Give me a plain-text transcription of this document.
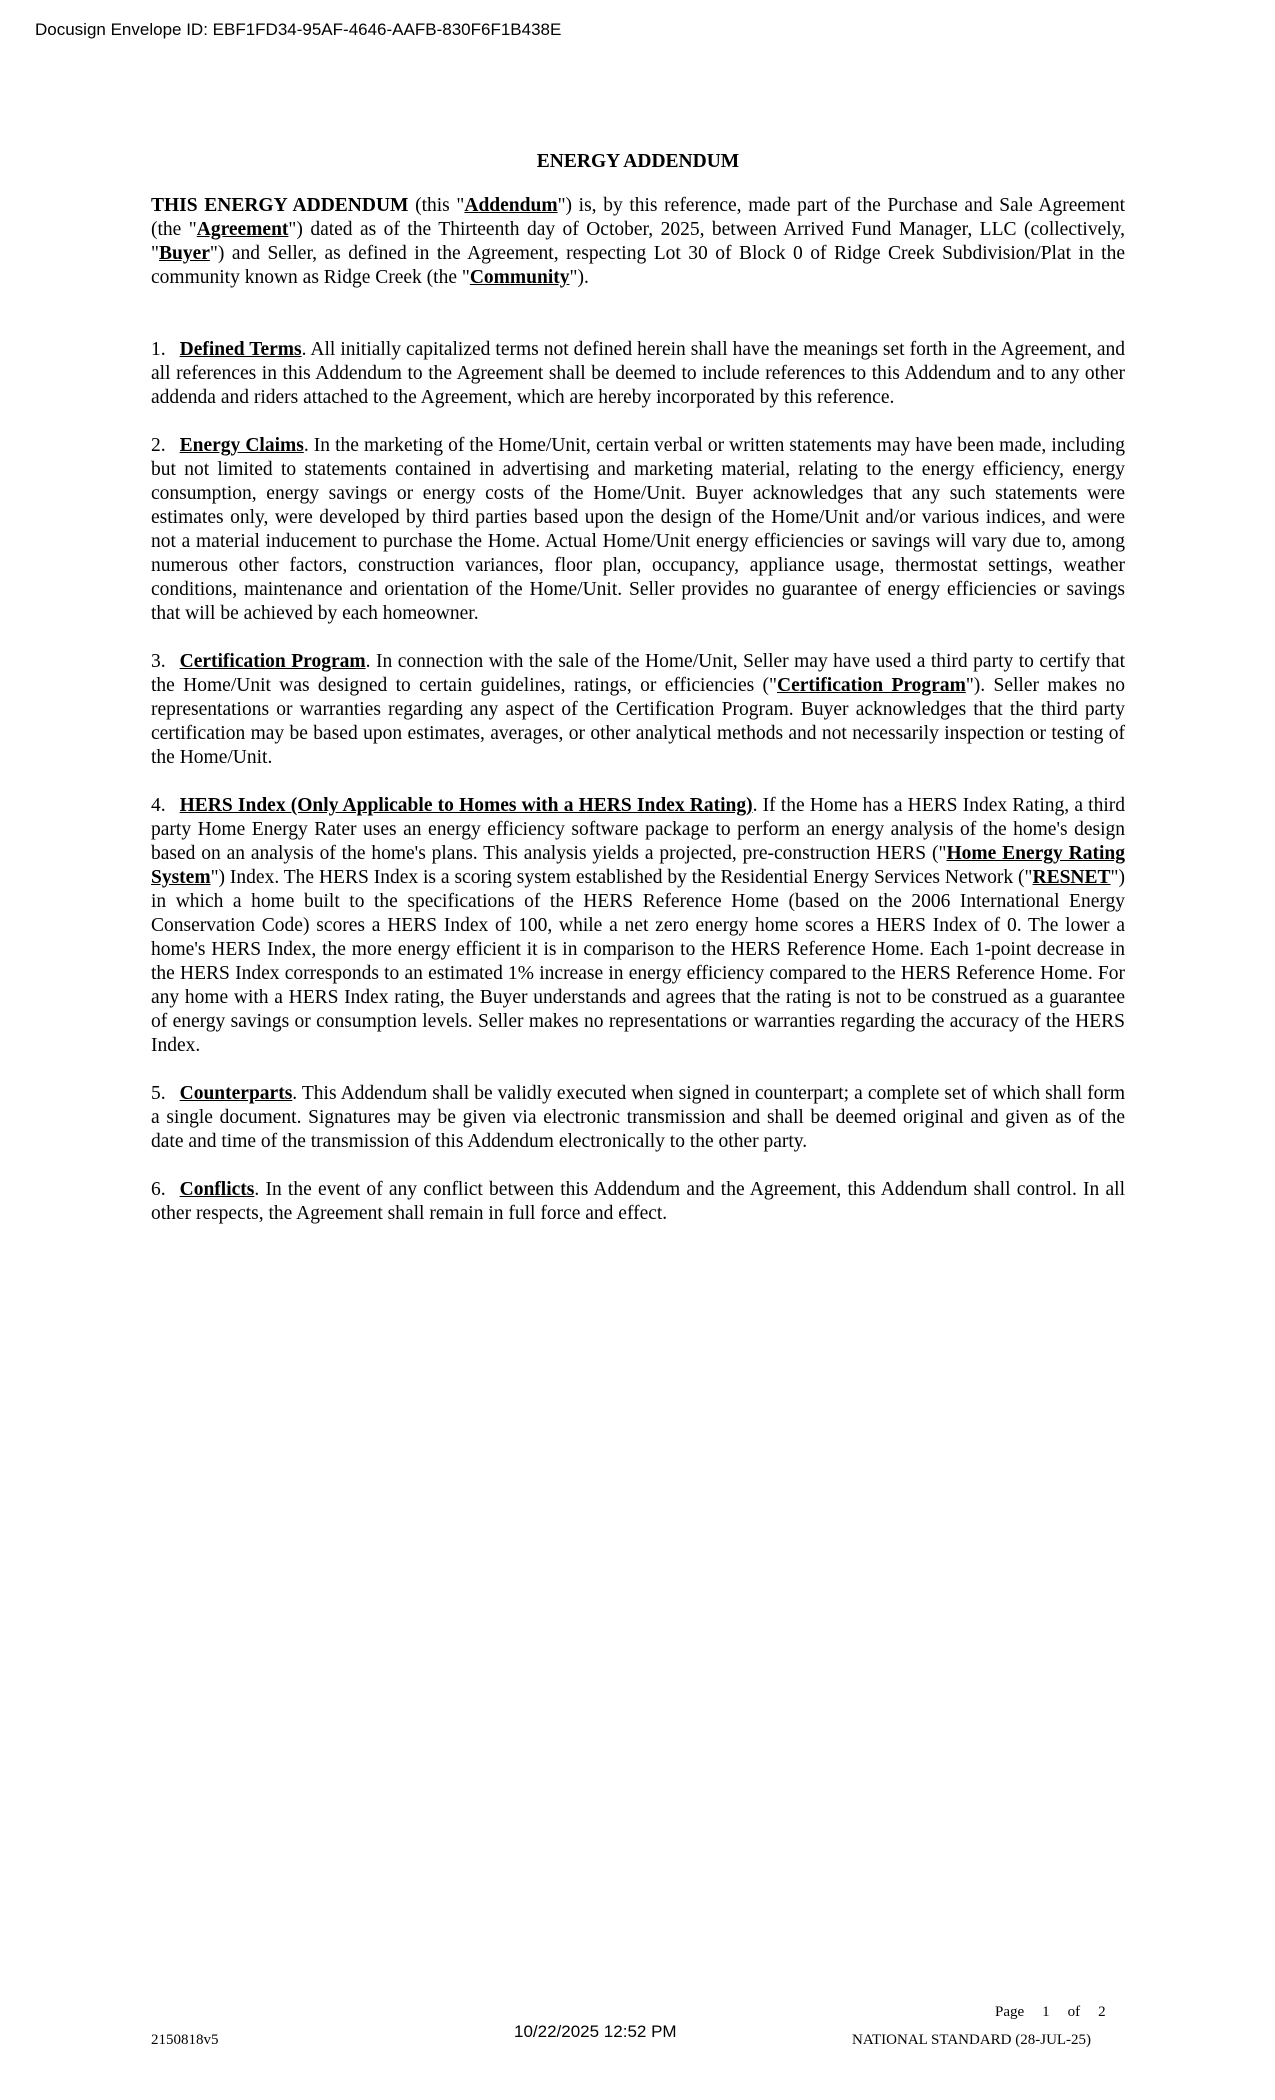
Docusign Envelope ID: EBF1FD34-95AF-4646-AAFB-830F6F1B438E
ENERGY ADDENDUM

THIS ENERGY ADDENDUM (this "Addendum") is, by this reference, made part of the Purchase and Sale Agreement (the "Agreement") dated as of the Thirteenth day of October, 2025, between Arrived Fund Manager, LLC (collectively, "Buyer") and Seller, as defined in the Agreement, respecting Lot 30 of Block 0 of Ridge Creek Subdivision/Plat in the community known as Ridge Creek (the "Community").

1. Defined Terms. All initially capitalized terms not defined herein shall have the meanings set forth in the Agreement, and all references in this Addendum to the Agreement shall be deemed to include references to this Addendum and to any other addenda and riders attached to the Agreement, which are hereby incorporated by this reference.

2. Energy Claims. In the marketing of the Home/Unit, certain verbal or written statements may have been made, including but not limited to statements contained in advertising and marketing material, relating to the energy efficiency, energy consumption, energy savings or energy costs of the Home/Unit. Buyer acknowledges that any such statements were estimates only, were developed by third parties based upon the design of the Home/Unit and/or various indices, and were not a material inducement to purchase the Home. Actual Home/Unit energy efficiencies or savings will vary due to, among numerous other factors, construction variances, floor plan, occupancy, appliance usage, thermostat settings, weather conditions, maintenance and orientation of the Home/Unit. Seller provides no guarantee of energy efficiencies or savings that will be achieved by each homeowner.

3. Certification Program. In connection with the sale of the Home/Unit, Seller may have used a third party to certify that the Home/Unit was designed to certain guidelines, ratings, or efficiencies ("Certification Program"). Seller makes no representations or warranties regarding any aspect of the Certification Program. Buyer acknowledges that the third party certification may be based upon estimates, averages, or other analytical methods and not necessarily inspection or testing of the Home/Unit.

4. HERS Index (Only Applicable to Homes with a HERS Index Rating). If the Home has a HERS Index Rating, a third party Home Energy Rater uses an energy efficiency software package to perform an energy analysis of the home's design based on an analysis of the home's plans. This analysis yields a projected, pre-construction HERS ("Home Energy Rating System") Index. The HERS Index is a scoring system established by the Residential Energy Services Network ("RESNET") in which a home built to the specifications of the HERS Reference Home (based on the 2006 International Energy Conservation Code) scores a HERS Index of 100, while a net zero energy home scores a HERS Index of 0. The lower a home's HERS Index, the more energy efficient it is in comparison to the HERS Reference Home. Each 1-point decrease in the HERS Index corresponds to an estimated 1% increase in energy efficiency compared to the HERS Reference Home. For any home with a HERS Index rating, the Buyer understands and agrees that the rating is not to be construed as a guarantee of energy savings or consumption levels. Seller makes no representations or warranties regarding the accuracy of the HERS Index.

5. Counterparts. This Addendum shall be validly executed when signed in counterpart; a complete set of which shall form a single document. Signatures may be given via electronic transmission and shall be deemed original and given as of the date and time of the transmission of this Addendum electronically to the other party.

6. Conflicts. In the event of any conflict between this Addendum and the Agreement, this Addendum shall control. In all other respects, the Agreement shall remain in full force and effect.

Page 1 of 2
2150818v5	10/22/2025 12:52 PM	NATIONAL STANDARD (28-JUL-25)
